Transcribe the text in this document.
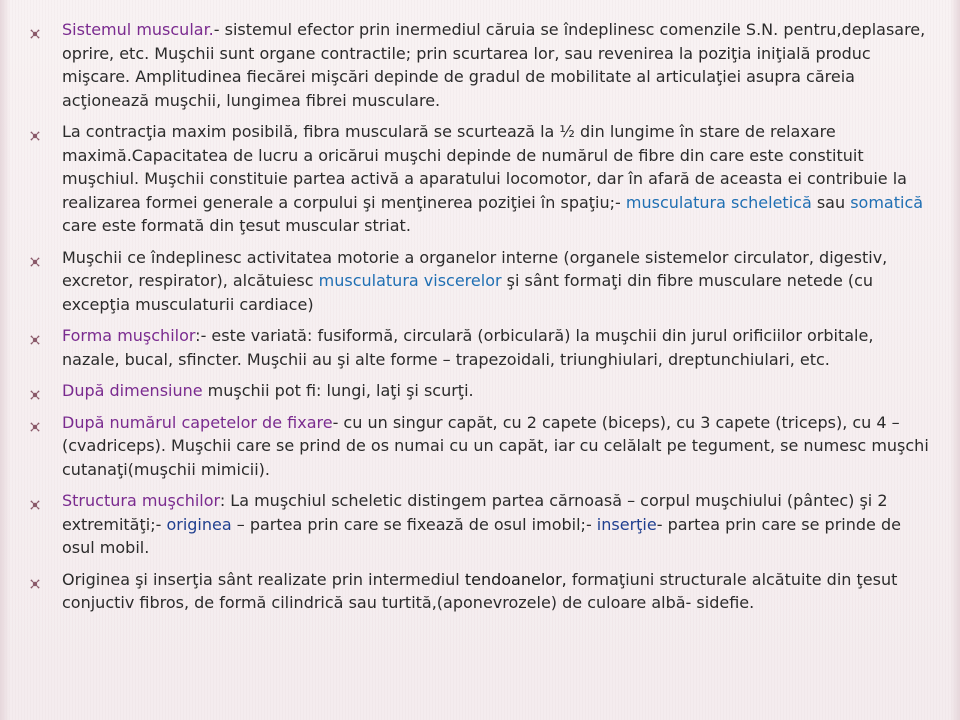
Sistemul muscular.- sistemul efector prin inermediul căruia se îndeplinesc comenzile S.N. pentru,deplasare, oprire, etc. Muşchii sunt organe contractile; prin scurtarea lor, sau revenirea la poziţia iniţială produc mişcare. Amplitudinea fiecărei mişcări depinde de gradul de mobilitate al articulaţiei asupra căreia acţionează muşchii, lungimea fibrei musculare.
La contracţia maxim posibilă, fibra musculară se scurtează la ½ din lungime în stare de relaxare maximă.Capacitatea de lucru a oricărui muşchi depinde de numărul de fibre din care este constituit muşchiul. Muşchii constituie partea activă a aparatului locomotor, dar în afară de aceasta ei contribuie la realizarea formei generale a corpului şi menţinerea poziţiei în spaţiu;- musculatura scheletică sau somatică care este formată din ţesut muscular striat.
Muşchii ce îndeplinesc activitatea motorie a organelor interne (organele sistemelor circulator, digestiv, excretor, respirator), alcătuiesc musculatura viscerelor şi sânt formaţi din fibre musculare netede (cu excepţia musculaturii cardiace)
Forma muşchilor:- este variată: fusiformă, circulară (orbiculară) la muşchii din jurul orificiilor orbitale, nazale, bucal, sfincter. Muşchii au şi alte forme – trapezoidali, triunghiulari, dreptunchiulari, etc.
După dimensiune muşchii pot fi: lungi, laţi şi scurţi.
După numărul capetelor de fixare- cu un singur capăt, cu 2 capete (biceps), cu 3 capete (triceps), cu 4 – (cvadriceps). Muşchii care se prind de os numai cu un capăt, iar cu celălalt pe tegument, se numesc muşchi cutanaţi(muşchii mimicii).
Structura muşchilor: La muşchiul scheletic distingem partea cărnoasă – corpul muşchiului (pântec) şi 2 extremităţi;- originea – partea prin care se fixează de osul imobil;- inserţie- partea prin care se prinde de osul mobil.
Originea şi inserţia sânt realizate prin intermediul tendoanelor, formaţiuni structurale alcătuite din ţesut conjuctiv fibros, de formă cilindrică sau turtită,(aponevrozele) de culoare albă- sidefie.
